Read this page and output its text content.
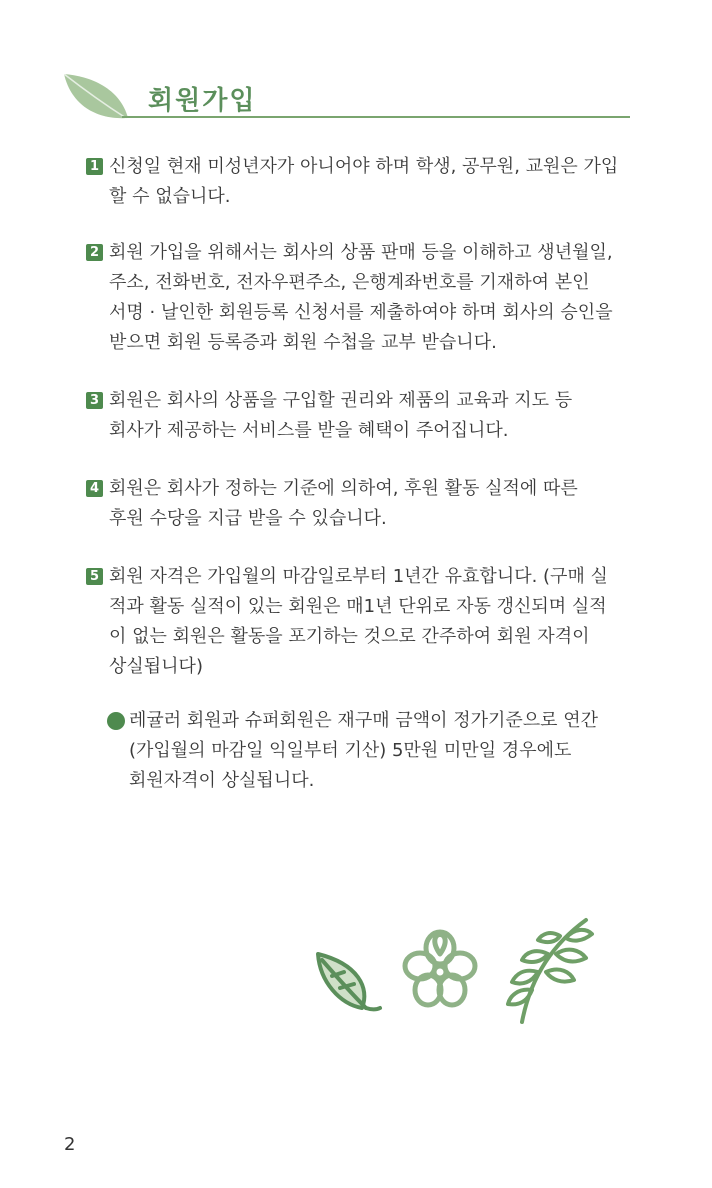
회원가입
1 신청일 현재 미성년자가 아니어야 하며 학생, 공무원, 교원은 가입
할 수 없습니다.

2 회원 가입을 위해서는 회사의 상품 판매 등을 이해하고 생년월일,
주소, 전화번호, 전자우편주소, 은행계좌번호를 기재하여 본인
서명 · 날인한 회원등록 신청서를 제출하여야 하며 회사의 승인을
받으면 회원 등록증과 회원 수첩을 교부 받습니다.

3 회원은 회사의 상품을 구입할 권리와 제품의 교육과 지도 등
회사가 제공하는 서비스를 받을 혜택이 주어집니다.

4 회원은 회사가 정하는 기준에 의하여, 후원 활동 실적에 따른
후원 수당을 지급 받을 수 있습니다.

5 회원 자격은 가입월의 마감일로부터 1년간 유효합니다. (구매 실
적과 활동 실적이 있는 회원은 매1년 단위로 자동 갱신되며 실적
이 없는 회원은 활동을 포기하는 것으로 간주하여 회원 자격이
상실됩니다)

레귤러 회원과 슈퍼회원은 재구매 금액이 정가기준으로 연간
(가입월의 마감일 익일부터 기산) 5만원 미만일 경우에도
회원자격이 상실됩니다.

2
